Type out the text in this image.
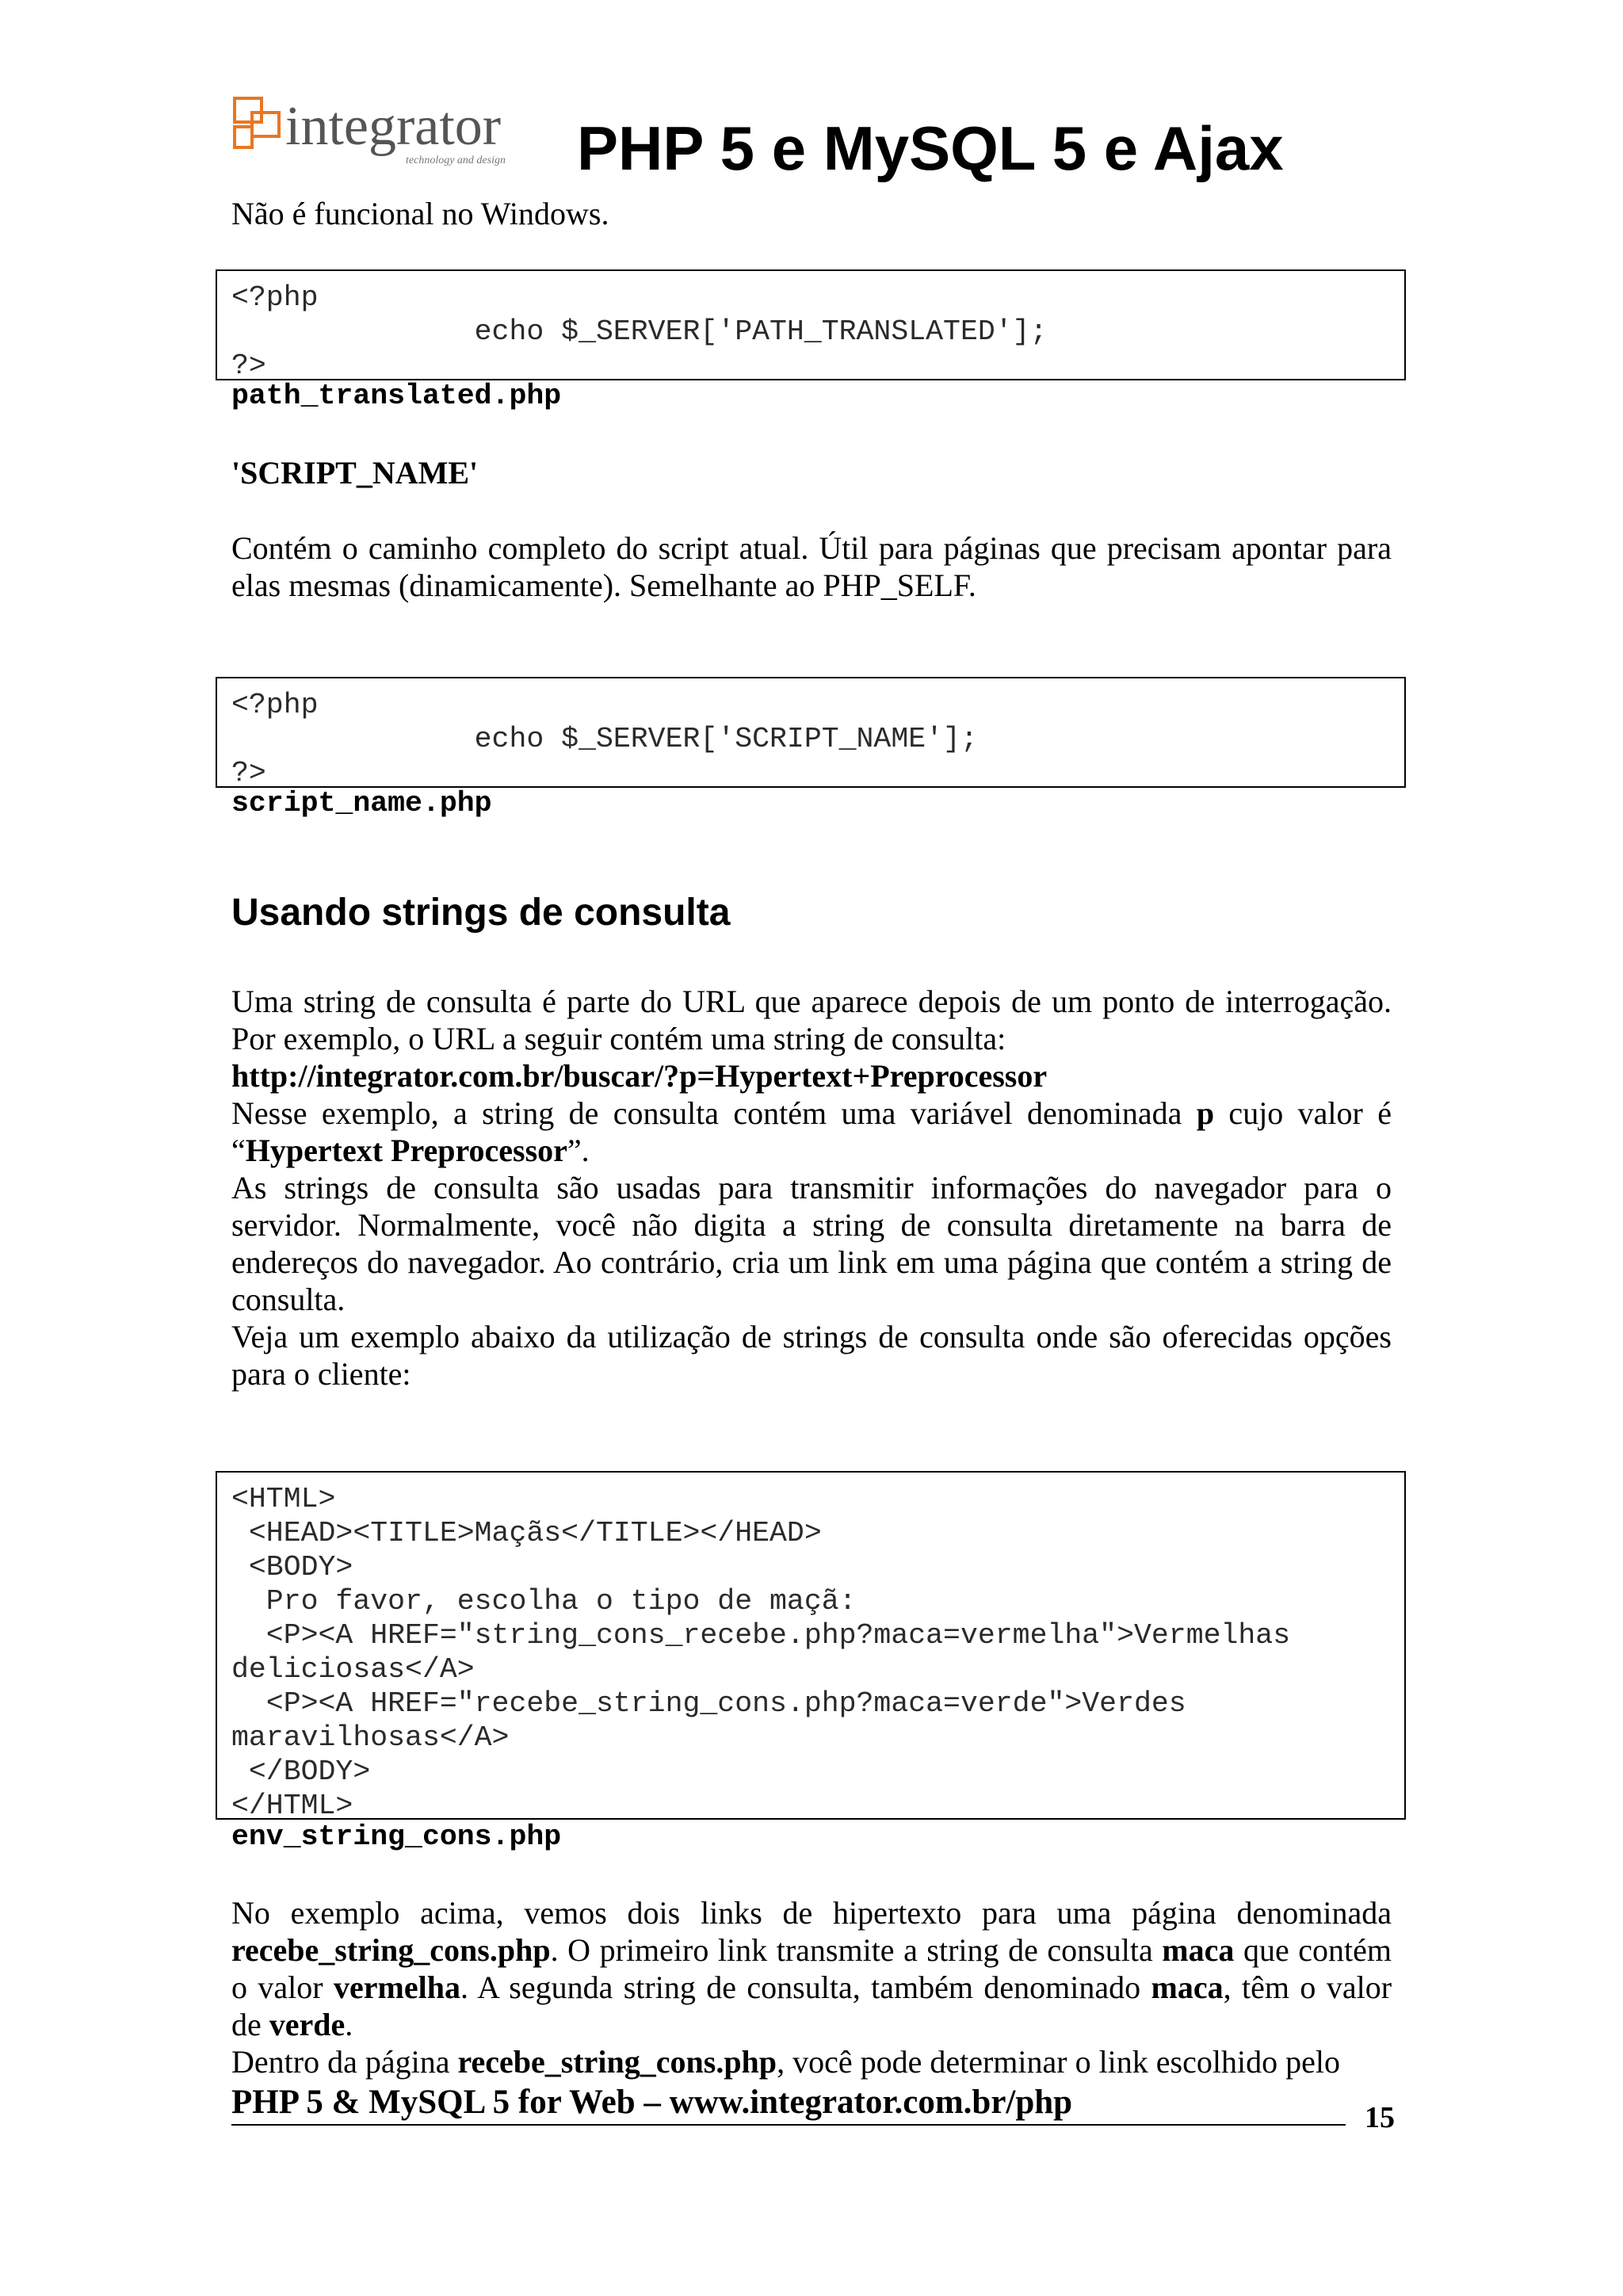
integrator
technology and design PHP 5 e MySQL 5 e Ajax
Não é funcional no Windows.
<?php
echo $_SERVER['PATH_TRANSLATED'];
?>
path_translated.php
'SCRIPT_NAME'
Contém o caminho completo do script atual. Útil para páginas que precisam apontar para elas mesmas (dinamicamente). Semelhante ao PHP_SELF.
<?php
echo $_SERVER['SCRIPT_NAME'];
?>
script_name.php
Usando strings de consulta
Uma string de consulta é parte do URL que aparece depois de um ponto de interrogação. Por exemplo, o URL a seguir contém uma string de consulta:
http://integrator.com.br/buscar/?p=Hypertext+Preprocessor
Nesse exemplo, a string de consulta contém uma variável denominada p cujo valor é “Hypertext Preprocessor”.
As strings de consulta são usadas para transmitir informações do navegador para o servidor. Normalmente, você não digita a string de consulta diretamente na barra de endereços do navegador. Ao contrário, cria um link em uma página que contém a string de consulta.
Veja um exemplo abaixo da utilização de strings de consulta onde são oferecidas opções para o cliente:
<HTML>
<HEAD><TITLE>Maçãs</TITLE></HEAD>
<BODY>
Pro favor, escolha o tipo de maçã:
<P><A HREF="string_cons_recebe.php?maca=vermelha">Vermelhas
deliciosas</A>
<P><A HREF="recebe_string_cons.php?maca=verde">Verdes
maravilhosas</A>
</BODY>
</HTML>
env_string_cons.php
No exemplo acima, vemos dois links de hipertexto para uma página denominada recebe_string_cons.php. O primeiro link transmite a string de consulta maca que contém o valor vermelha. A segunda string de consulta, também denominado maca, têm o valor de verde.
Dentro da página recebe_string_cons.php, você pode determinar o link escolhido pelo
PHP 5 & MySQL 5 for Web – www.integrator.com.br/php	15
